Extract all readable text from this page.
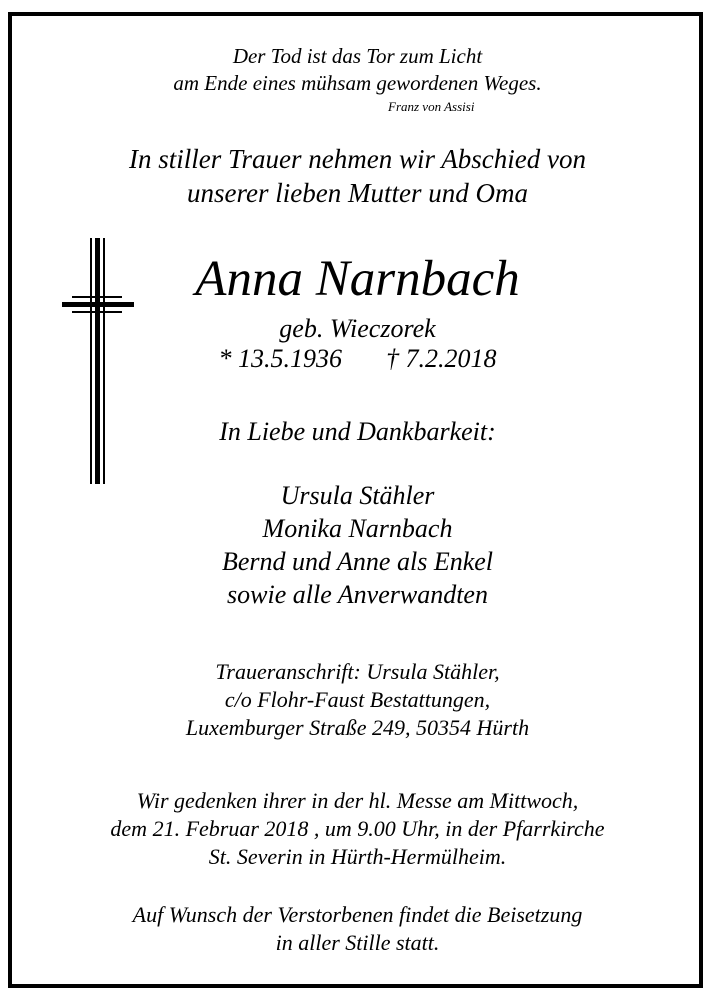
Der Tod ist das Tor zum Licht
am Ende eines mühsam gewordenen Weges.
Franz von Assisi
In stiller Trauer nehmen wir Abschied von
unserer lieben Mutter und Oma
Anna Narnbach
geb. Wieczorek
* 13.5.1936 † 7.2.2018
In Liebe und Dankbarkeit:
Ursula Stähler
Monika Narnbach
Bernd und Anne als Enkel
sowie alle Anverwandten
Traueranschrift: Ursula Stähler,
c/o Flohr-Faust Bestattungen,
Luxemburger Straße 249, 50354 Hürth
Wir gedenken ihrer in der hl. Messe am Mittwoch,
dem 21. Februar 2018 , um 9.00 Uhr, in der Pfarrkirche
St. Severin in Hürth-Hermülheim.
Auf Wunsch der Verstorbenen findet die Beisetzung
in aller Stille statt.
